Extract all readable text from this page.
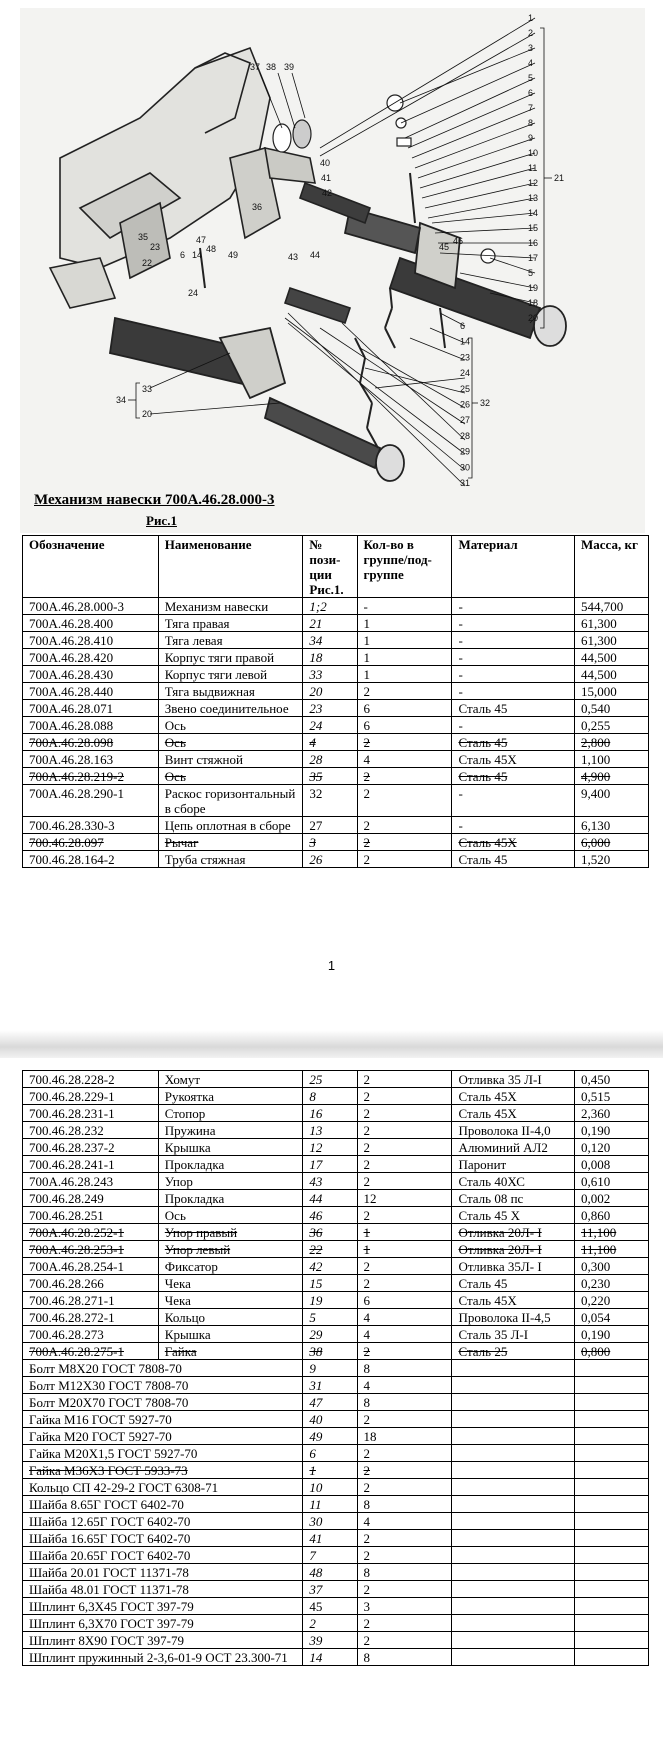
1
2
3
4
5
6
7
8
9
10
11
12
13
14
15
16
17
5
19
18
20
21
6
14
23
24
25
26
27
28
29
30
31
32
33
20
34
37 38 39
36
35
23
6 14
47
48
49
22
24
40
41
42
43 44
45
46
Механизм навески 700А.46.28.000-3
Рис.1
Обозначение	Наименование	№ пози-ции Рис.1.	Кол-во в группе/под-группе	Материал	Масса, кг
700А.46.28.000-3	Механизм навески	1;2	-	-	544,700
700А.46.28.400	Тяга правая	21	1	-	61,300
700А.46.28.410	Тяга левая	34	1	-	61,300
700А.46.28.420	Корпус тяги правой	18	1	-	44,500
700А.46.28.430	Корпус тяги левой	33	1	-	44,500
700А.46.28.440	Тяга выдвижная	20	2	-	15,000
700А.46.28.071	Звено соединительное	23	6	Сталь 45	0,540
700А.46.28.088	Ось	24	6	-	0,255
700А.46.28.098	Ось	4	2	Сталь 45	2,800
700А.46.28.163	Винт стяжной	28	4	Сталь 45Х	1,100
700А.46.28.219-2	Ось	35	2	Сталь 45	4,900
700А.46.28.290-1	Раскос горизонтальный в сборе	32	2	-	9,400
700.46.28.330-3	Цепь оплотная в сборе	27	2	-	6,130
700.46.28.097	Рычаг	3	2	Сталь 45Х	6,000
700.46.28.164-2	Труба стяжная	26	2	Сталь 45	1,520
1
700.46.28.228-2	Хомут	25	2	Отливка 35 Л-I	0,450
700.46.28.229-1	Рукоятка	8	2	Сталь 45Х	0,515
700.46.28.231-1	Стопор	16	2	Сталь 45Х	2,360
700.46.28.232	Пружина	13	2	Проволока II-4,0	0,190
700.46.28.237-2	Крышка	12	2	Алюминий АЛ2	0,120
700.46.28.241-1	Прокладка	17	2	Паронит	0,008
700А.46.28.243	Упор	43	2	Сталь 40ХС	0,610
700.46.28.249	Прокладка	44	12	Сталь 08 пс	0,002
700.46.28.251	Ось	46	2	Сталь 45 Х	0,860
700А.46.28.252-1	Упор правый	36	1	Отливка 20Л- I	11,100
700А.46.28.253-1	Упор левый	22	1	Отливка 20Л- I	11,100
700А.46.28.254-1	Фиксатор	42	2	Отливка 35Л- I	0,300
700.46.28.266	Чека	15	2	Сталь 45	0,230
700.46.28.271-1	Чека	19	6	Сталь 45Х	0,220
700.46.28.272-1	Кольцо	5	4	Проволока II-4,5	0,054
700.46.28.273	Крышка	29	4	Сталь 35 Л-I	0,190
700А.46.28.275-1	Гайка	38	2	Сталь 25	0,800
Болт М8Х20 ГОСТ 7808-70		9	8		
Болт М12Х30 ГОСТ 7808-70		31	4		
Болт М20Х70 ГОСТ 7808-70		47	8		
Гайка М16 ГОСТ 5927-70		40	2		
Гайка М20 ГОСТ 5927-70		49	18		
Гайка М20Х1,5 ГОСТ 5927-70		6	2		
Гайка М36Х3 ГОСТ 5933-73		1	2		
Кольцо СП 42-29-2 ГОСТ 6308-71		10	2		
Шайба 8.65Г ГОСТ 6402-70		11	8		
Шайба 12.65Г ГОСТ 6402-70		30	4		
Шайба 16.65Г ГОСТ 6402-70		41	2		
Шайба 20.65Г ГОСТ 6402-70		7	2		
Шайба 20.01 ГОСТ 11371-78		48	8		
Шайба 48.01 ГОСТ 11371-78		37	2		
Шплинт 6,3Х45 ГОСТ 397-79		45	3		
Шплинт 6,3Х70 ГОСТ 397-79		2	2		
Шплинт 8Х90 ГОСТ 397-79		39	2		
Шплинт пружинный 2-3,6-01-9 ОСТ 23.300-71		14	8		
